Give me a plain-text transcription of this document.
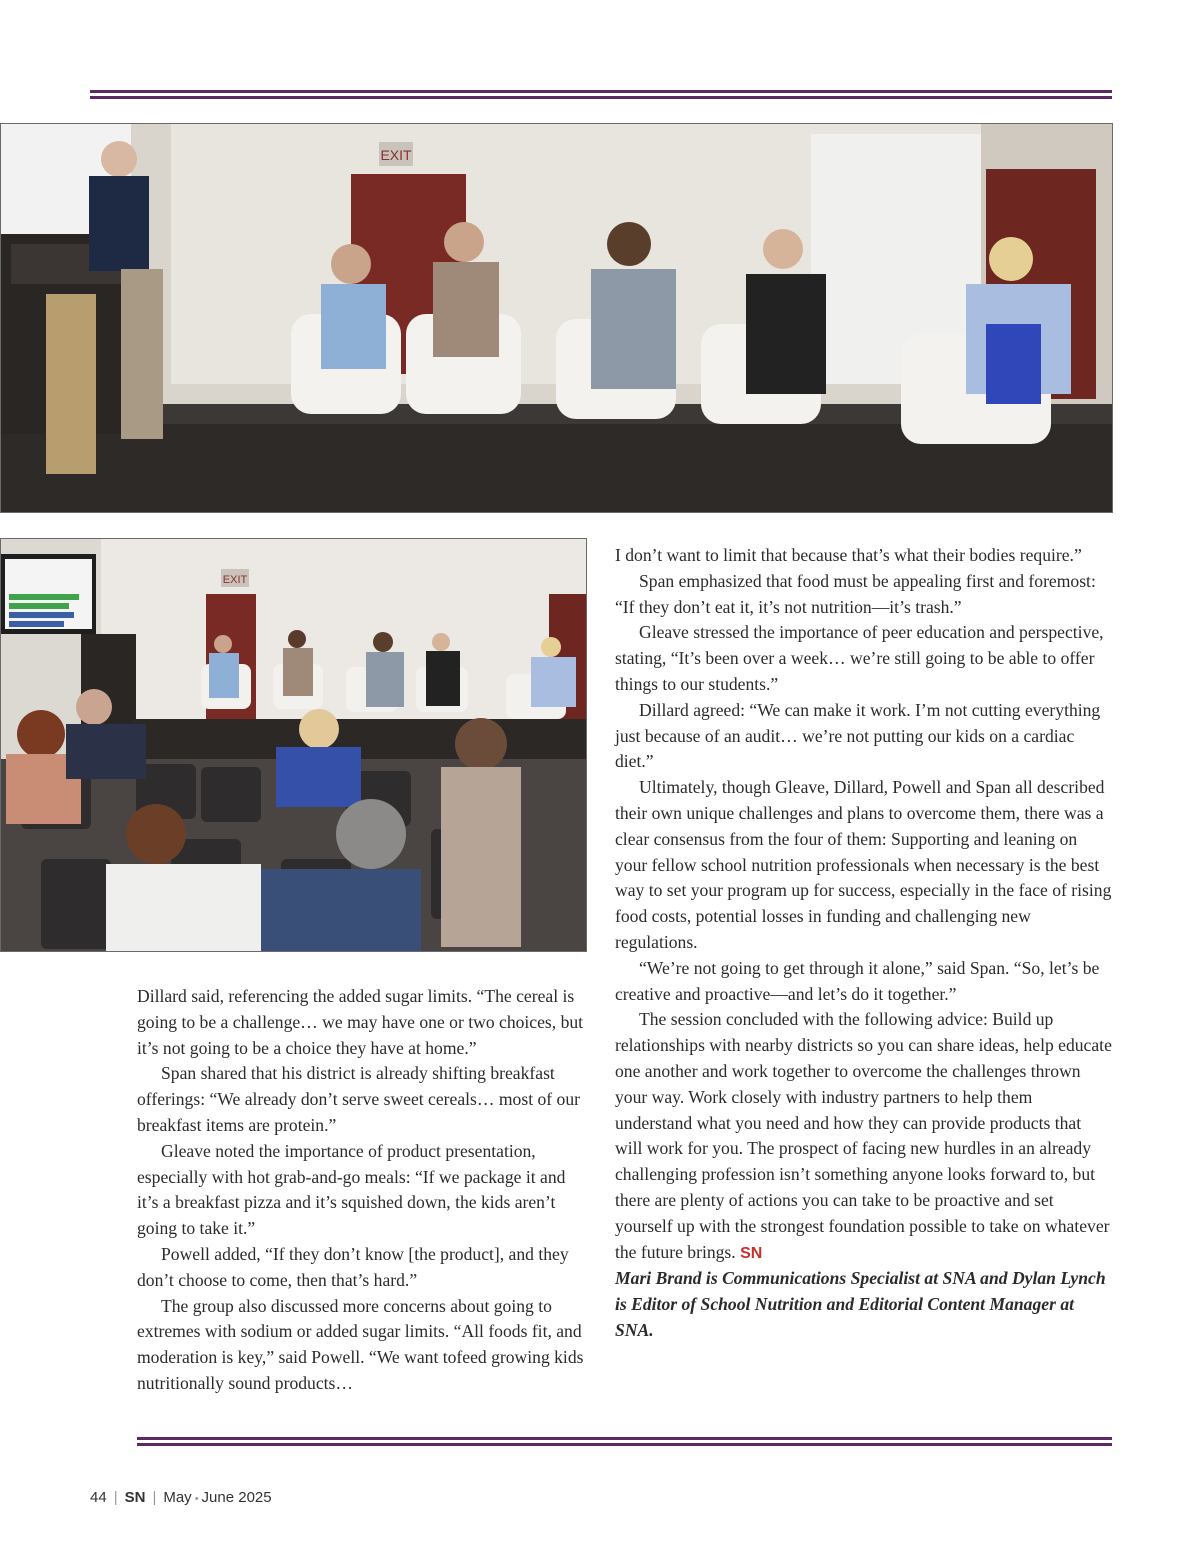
EXIT
EXIT

Dillard said, referencing the added sugar limits. “The cereal is going to be a challenge… we may have one or two choices, but it’s not going to be a choice they have at home.”

Span shared that his district is already shifting breakfast offerings: “We already don’t serve sweet cereals… most of our breakfast items are protein.”

Gleave noted the importance of product presentation, especially with hot grab-and-go meals: “If we package it and it’s a breakfast pizza and it’s squished down, the kids aren’t going to take it.”

Powell added, “If they don’t know [the product], and they don’t choose to come, then that’s hard.”

The group also discussed more concerns about going to extremes with sodium or added sugar limits. “All foods fit, and moderation is key,” said Powell. “We want tofeed growing kids nutritionally sound products…

I don’t want to limit that because that’s what their bodies require.”

Span emphasized that food must be appealing first and foremost: “If they don’t eat it, it’s not nutrition—it’s trash.”

Gleave stressed the importance of peer education and perspective, stating, “It’s been over a week… we’re still going to be able to offer things to our students.”

Dillard agreed: “We can make it work. I’m not cutting everything just because of an audit… we’re not putting our kids on a cardiac diet.”

Ultimately, though Gleave, Dillard, Powell and Span all described their own unique challenges and plans to overcome them, there was a clear consensus from the four of them: Supporting and leaning on your fellow school nutrition professionals when necessary is the best way to set your program up for success, especially in the face of rising food costs, potential losses in funding and challenging new regulations.

“We’re not going to get through it alone,” said Span. “So, let’s be creative and proactive—and let’s do it together.”

The session concluded with the following advice: Build up relationships with nearby districts so you can share ideas, help educate one another and work together to overcome the challenges thrown your way. Work closely with industry partners to help them understand what you need and how they can provide products that will work for you. The prospect of facing new hurdles in an already challenging profession isn’t something anyone looks forward to, but there are plenty of actions you can take to be proactive and set yourself up with the strongest foundation possible to take on whatever the future brings. SN

Mari Brand is Communications Specialist at SNA and Dylan Lynch is Editor of School Nutrition and Editorial Content Manager at SNA.

44 | SN | May • June 2025
